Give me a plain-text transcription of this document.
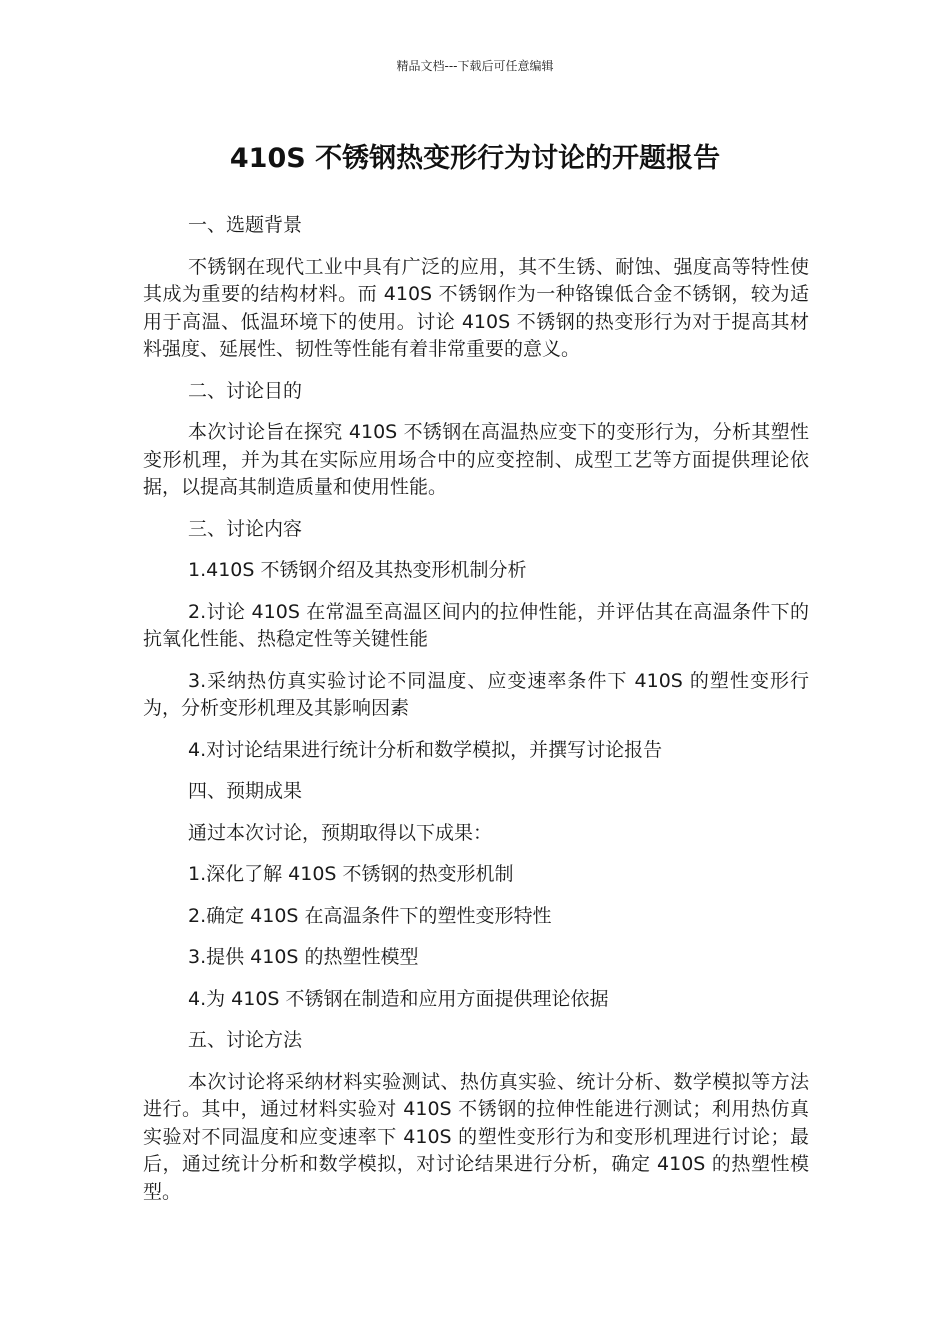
精品文档---下载后可任意编辑
410S 不锈钢热变形行为讨论的开题报告

一、选题背景

不锈钢在现代工业中具有广泛的应用，其不生锈、耐蚀、强度高等特性使其成为重要的结构材料。而 410S 不锈钢作为一种铬镍低合金不锈钢，较为适用于高温、低温环境下的使用。讨论 410S 不锈钢的热变形行为对于提高其材料强度、延展性、韧性等性能有着非常重要的意义。

二、讨论目的

本次讨论旨在探究 410S 不锈钢在高温热应变下的变形行为，分析其塑性变形机理，并为其在实际应用场合中的应变控制、成型工艺等方面提供理论依据，以提高其制造质量和使用性能。

三、讨论内容

1.410S 不锈钢介绍及其热变形机制分析

2.讨论 410S 在常温至高温区间内的拉伸性能，并评估其在高温条件下的抗氧化性能、热稳定性等关键性能

3.采纳热仿真实验讨论不同温度、应变速率条件下 410S 的塑性变形行为，分析变形机理及其影响因素

4.对讨论结果进行统计分析和数学模拟，并撰写讨论报告

四、预期成果

通过本次讨论，预期取得以下成果：

1.深化了解 410S 不锈钢的热变形机制

2.确定 410S 在高温条件下的塑性变形特性

3.提供 410S 的热塑性模型

4.为 410S 不锈钢在制造和应用方面提供理论依据

五、讨论方法

本次讨论将采纳材料实验测试、热仿真实验、统计分析、数学模拟等方法进行。其中，通过材料实验对 410S 不锈钢的拉伸性能进行测试；利用热仿真实验对不同温度和应变速率下 410S 的塑性变形行为和变形机理进行讨论；最后，通过统计分析和数学模拟，对讨论结果进行分析，确定 410S 的热塑性模型。
